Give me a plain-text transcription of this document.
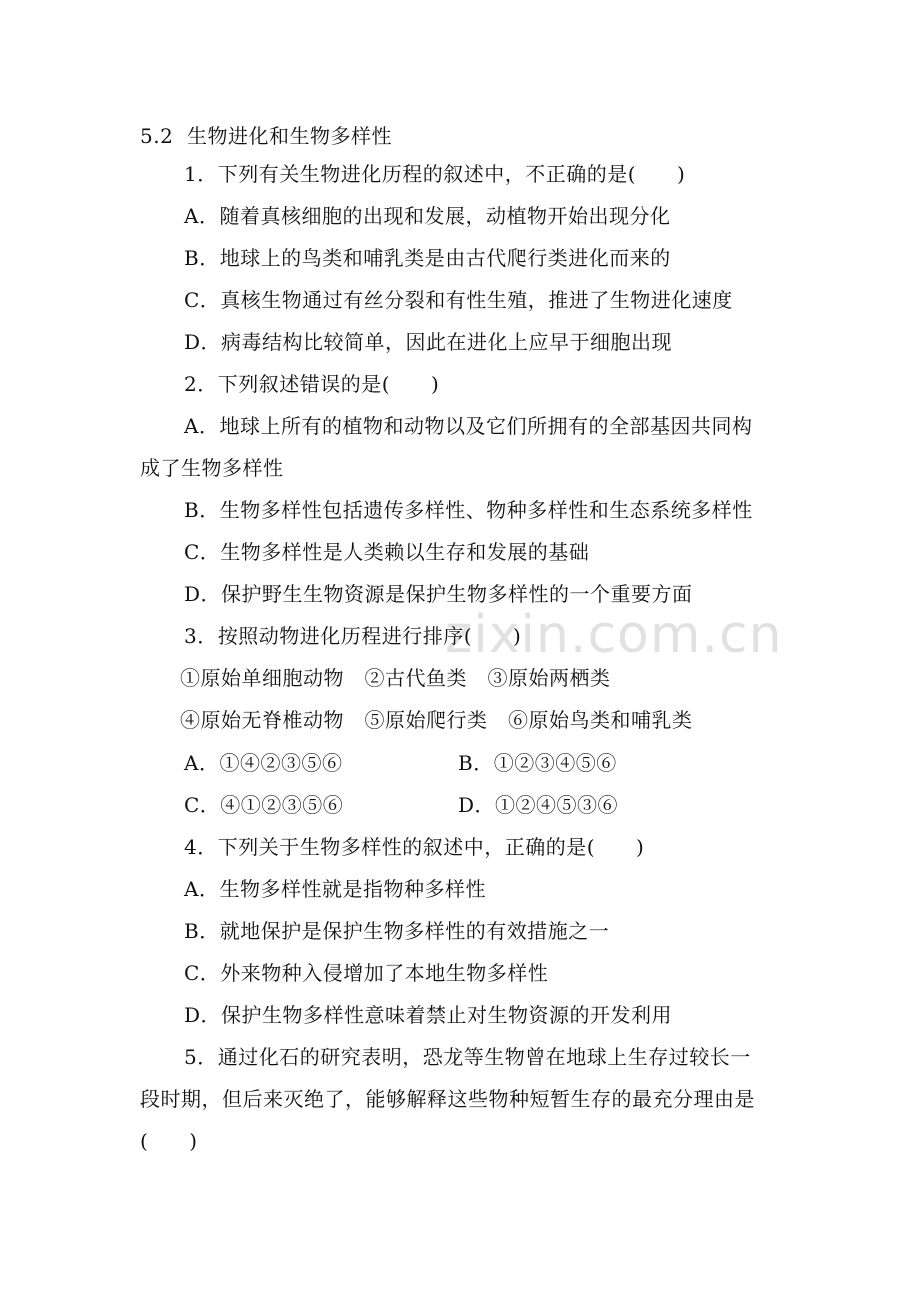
zixin.com.cn
5.2  生物进化和生物多样性
1．下列有关生物进化历程的叙述中，不正确的是(　　)
A．随着真核细胞的出现和发展，动植物开始出现分化
B．地球上的鸟类和哺乳类是由古代爬行类进化而来的
C．真核生物通过有丝分裂和有性生殖，推进了生物进化速度
D．病毒结构比较简单，因此在进化上应早于细胞出现
2．下列叙述错误的是(　　)
A．地球上所有的植物和动物以及它们所拥有的全部基因共同构
成了生物多样性
B．生物多样性包括遗传多样性、物种多样性和生态系统多样性
C．生物多样性是人类赖以生存和发展的基础
D．保护野生生物资源是保护生物多样性的一个重要方面
3．按照动物进化历程进行排序(　　)
①原始单细胞动物　②古代鱼类　③原始两栖类
④原始无脊椎动物　⑤原始爬行类　⑥原始鸟类和哺乳类
A．①④②③⑤⑥	B．①②③④⑤⑥
C．④①②③⑤⑥	D．①②④⑤③⑥
4．下列关于生物多样性的叙述中，正确的是(　　)
A．生物多样性就是指物种多样性
B．就地保护是保护生物多样性的有效措施之一
C．外来物种入侵增加了本地生物多样性
D．保护生物多样性意味着禁止对生物资源的开发利用
5．通过化石的研究表明，恐龙等生物曾在地球上生存过较长一
段时期，但后来灭绝了，能够解释这些物种短暂生存的最充分理由是
(　　)
